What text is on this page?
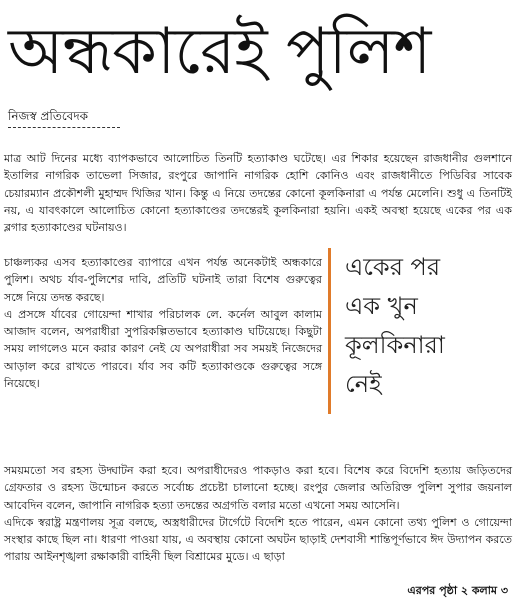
অন্ধকারেই পুলিশ
নিজস্ব প্রতিবেদক

মাত্র আট দিনের মধ্যে ব্যাপকভাবে আলোচিত তিনটি হত্যাকাণ্ড ঘটেছে। এর শিকার হয়েছেন রাজধানীর গুলশানে ইতালির নাগরিক তাভেলা সিজার, রংপুরে জাপানি নাগরিক হোশি কোনিও এবং রাজধানীতে পিডিবির সাবেক চেয়ারম্যান প্রকৌশলী মুহাম্মদ খিজির খান। কিন্তু এ নিয়ে তদন্তের কোনো কূলকিনারা এ পর্যন্ত মেলেনি। শুধু এ তিনটিই নয়, এ যাবৎকালে আলোচিত কোনো হত্যাকাণ্ডের তদন্তেরই কূলকিনারা হয়নি। একই অবস্থা হয়েছে একের পর এক ব্লগার হত্যাকাণ্ডের ঘটনায়ও।

চাঞ্চল্যকর এসব হত্যাকাণ্ডের ব্যাপারে এখন পর্যন্ত অনেকটাই অন্ধকারে পুলিশ। অথচ র্যাব-পুলিশের দাবি, প্রতিটি ঘটনাই তারা বিশেষ গুরুত্বের সঙ্গে নিয়ে তদন্ত করছে।

এ প্রসঙ্গে র্যাবের গোয়েন্দা শাখার পরিচালক লে. কর্নেল আবুল কালাম আজাদ বলেন, অপরাধীরা সুপরিকল্পিতভাবে হত্যাকাণ্ড ঘটিয়েছে। কিছুটা সময় লাগলেও মনে করার কারণ নেই যে অপরাধীরা সব সময়ই নিজেদের আড়াল করে রাখতে পারবে। র্যাব সব কটি হত্যাকাণ্ডকে গুরুত্বের সঙ্গে নিয়েছে।

একের পর
এক খুন
কূলকিনারা
নেই

সময়মতো সব রহস্য উদ্ঘাটন করা হবে। অপরাধীদেরও পাকড়াও করা হবে। বিশেষ করে বিদেশি হত্যায় জড়িতদের গ্রেফতার ও রহস্য উন্মোচন করতে সর্বোচ্চ প্রচেষ্টা চালানো হচ্ছে। রংপুর জেলার অতিরিক্ত পুলিশ সুপার জয়নাল আবেদিন বলেন, জাপানি নাগরিক হত্যা তদন্তের অগ্রগতি বলার মতো এখনো সময় আসেনি।
এদিকে স্বরাষ্ট্র মন্ত্রণালয় সূত্র বলছে, অস্ত্রধারীদের টার্গেটে বিদেশি হতে পারেন, এমন কোনো তথ্য পুলিশ ও গোয়েন্দা সংস্থার কাছে ছিল না। ধারণা পাওয়া যায়, এ অবস্থায় কোনো অঘটন ছাড়াই দেশবাসী শান্তিপূর্ণভাবে ঈদ উদ্যাপন করতে পারায় আইনশৃঙ্খলা রক্ষাকারী বাহিনী ছিল বিশ্রামের মুডে। এ ছাড়া

এরপর পৃষ্ঠা ২ কলাম ৩
